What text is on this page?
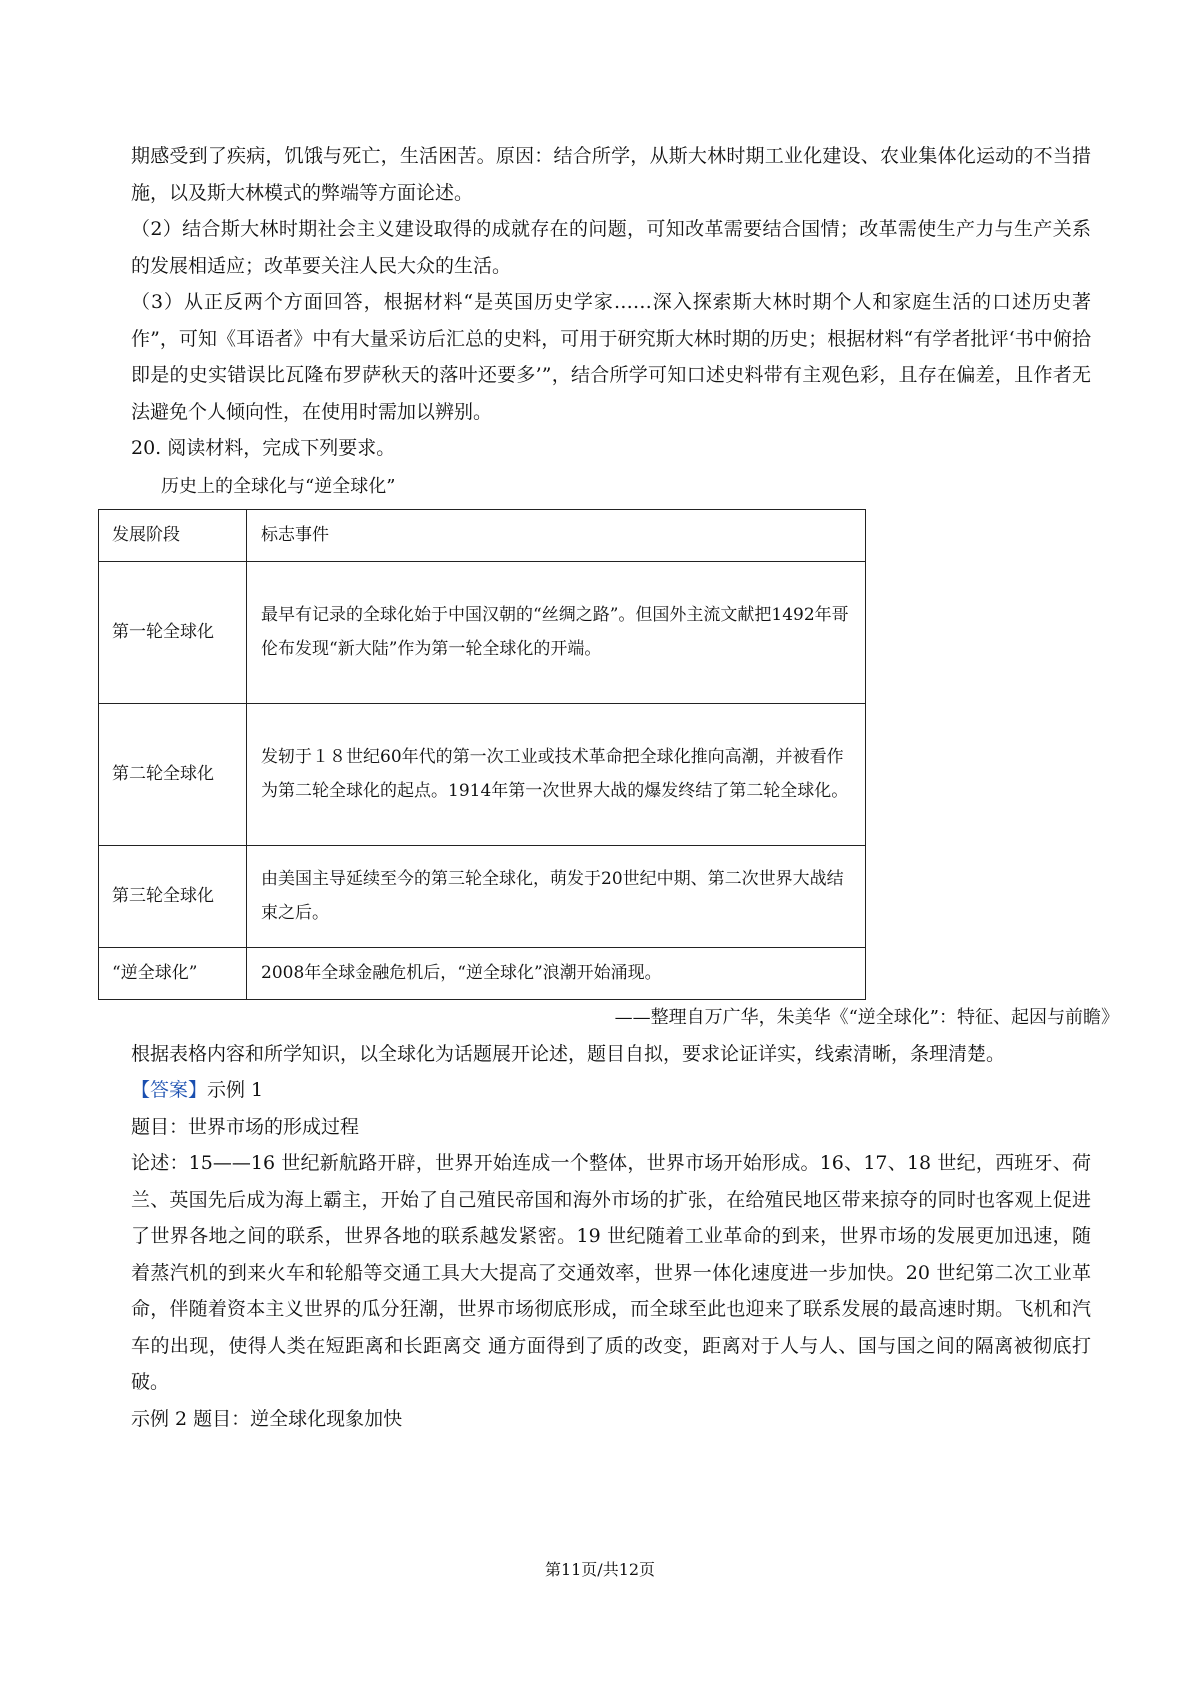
期感受到了疾病，饥饿与死亡，生活困苦。原因：结合所学，从斯大林时期工业化建设、农业集体化运动的不当措施，以及斯大林模式的弊端等方面论述。

（2）结合斯大林时期社会主义建设取得的成就存在的问题，可知改革需要结合国情；改革需使生产力与生产关系的发展相适应；改革要关注人民大众的生活。

（3）从正反两个方面回答，根据材料“是英国历史学家……深入探索斯大林时期个人和家庭生活的口述历史著作”，可知《耳语者》中有大量采访后汇总的史料，可用于研究斯大林时期的历史；根据材料“有学者批评‘书中俯拾即是的史实错误比瓦隆布罗萨秋天的落叶还要多’”，结合所学可知口述史料带有主观色彩，且存在偏差，且作者无法避免个人倾向性，在使用时需加以辨别。

20. 阅读材料，完成下列要求。

历史上的全球化与“逆全球化”
发展阶段	标志事件
第一轮全球化	最早有记录的全球化始于中国汉朝的“丝绸之路”。但国外主流文献把1492年哥伦布发现“新大陆”作为第一轮全球化的开端。
第二轮全球化	发轫于１８世纪60年代的第一次工业或技术革命把全球化推向高潮，并被看作为第二轮全球化的起点。1914年第一次世界大战的爆发终结了第二轮全球化。
第三轮全球化	由美国主导延续至今的第三轮全球化，萌发于20世纪中期、第二次世界大战结束之后。
“逆全球化”	2008年全球金融危机后，“逆全球化”浪潮开始涌现。
——整理自万广华，朱美华《“逆全球化”：特征、起因与前瞻》

根据表格内容和所学知识，以全球化为话题展开论述，题目自拟，要求论证详实，线索清晰，条理清楚。

【答案】示例 1

题目：世界市场的形成过程

论述：15——16 世纪新航路开辟，世界开始连成一个整体，世界市场开始形成。16、17、18 世纪，西班牙、荷兰、英国先后成为海上霸主，开始了自己殖民帝国和海外市场的扩张，在给殖民地区带来掠夺的同时也客观上促进了世界各地之间的联系，世界各地的联系越发紧密。19 世纪随着工业革命的到来，世界市场的发展更加迅速，随着蒸汽机的到来火车和轮船等交通工具大大提高了交通效率，世界一体化速度进一步加快。20 世纪第二次工业革命，伴随着资本主义世界的瓜分狂潮，世界市场彻底形成，而全球至此也迎来了联系发展的最高速时期。飞机和汽车的出现，使得人类在短距离和长距离交 通方面得到了质的改变，距离对于人与人、国与国之间的隔离被彻底打破。

示例 2 题目：逆全球化现象加快

第11页/共12页
